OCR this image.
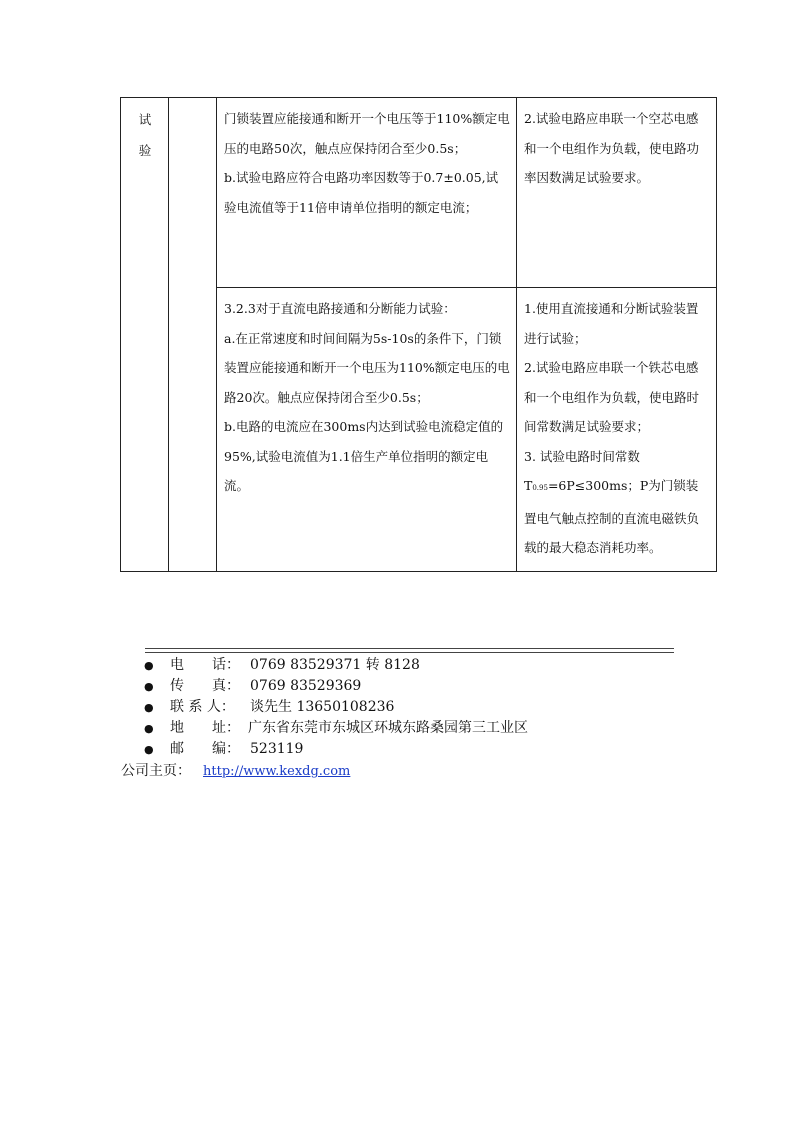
试
验		门锁装置应能接通和断开一个电压等于110%额定电压的电路50次，触点应保持闭合至少0.5s；
b.试验电路应符合电路功率因数等于0.7±0.05,试验电流值等于11倍申请单位指明的额定电流；	2.试验电路应串联一个空芯电感和一个电组作为负载，使电路功率因数满足试验要求。

		3.2.3对于直流电路接通和分断能力试验：
a.在正常速度和时间间隔为5s-10s的条件下，门锁装置应能接通和断开一个电压为110%额定电压的电路20次。触点应保持闭合至少0.5s；
b.电路的电流应在300ms内达到试验电流稳定值的95%,试验电流值为1.1倍生产单位指明的额定电流。	1.使用直流接通和分断试验装置进行试验；
2.试验电路应串联一个铁芯电感和一个电组作为负载，使电路时间常数满足试验要求；
3. 试验电路时间常数
T0.95=6P≤300ms；P为门锁装置电气触点控制的直流电磁铁负载的最大稳态消耗功率。
● 电　　话： 0769 83529371 转 8128
● 传　　真： 0769 83529369
● 联 系 人： 谈先生 13650108236
● 地　　址： 广东省东莞市东城区环城东路桑园第三工业区
● 邮　　编： 523119
公司主页： http://www.kexdg.com
